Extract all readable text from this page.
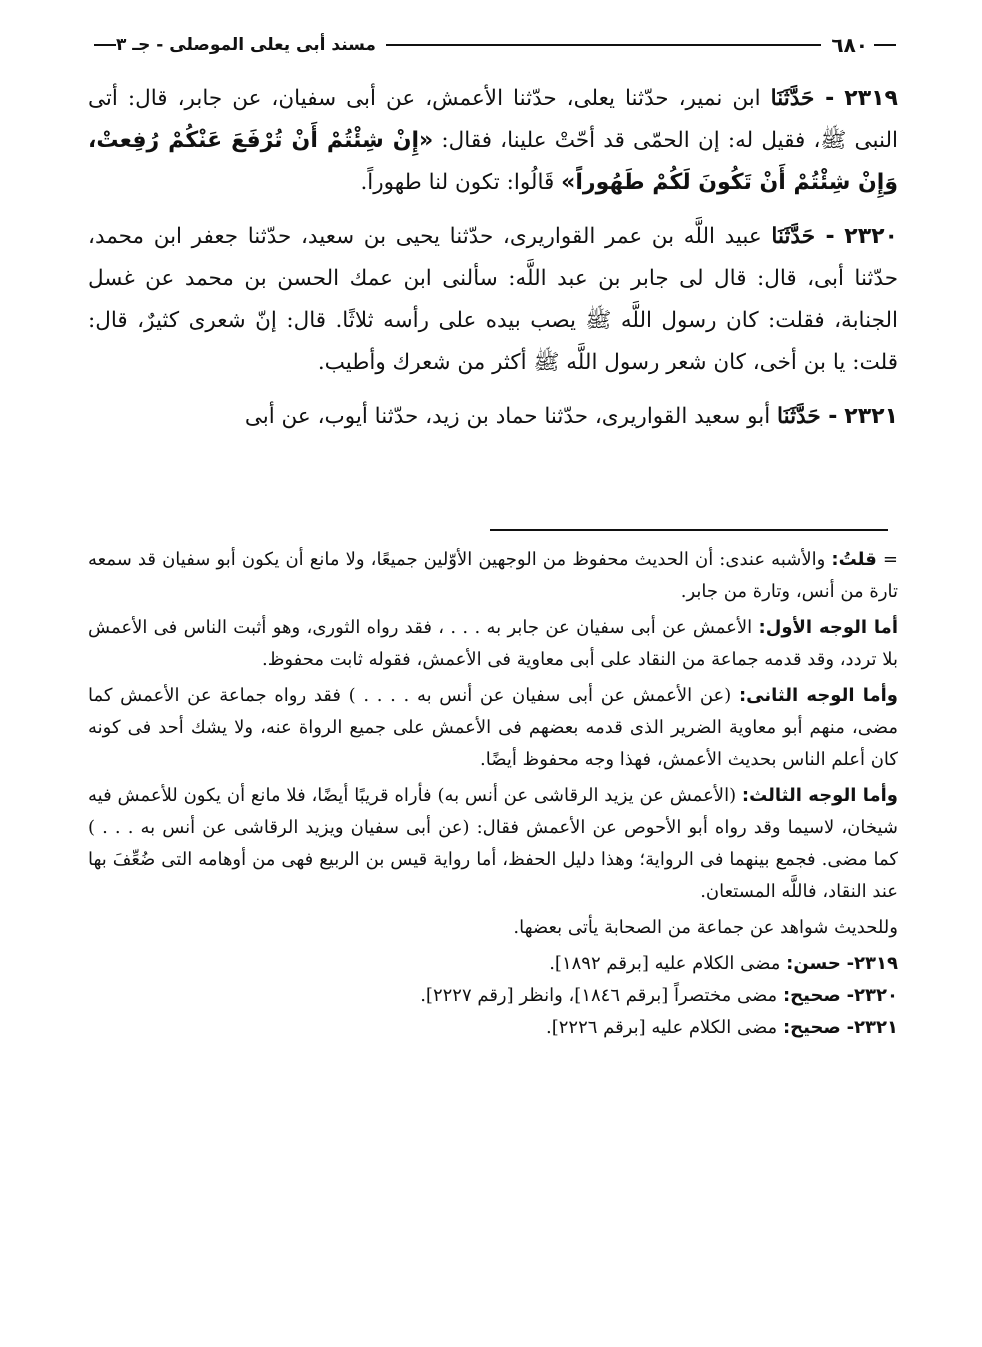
٦٨٠
مسند أبى يعلى الموصلى - جـ ٣

٢٣١٩ - حَدَّثَنَا ابن نمير، حدّثنا يعلى، حدّثنا الأعمش، عن أبى سفيان، عن جابر، قال: أتى النبى ﷺ، فقيل له: إن الحمّى قد أحّتْ علينا، فقال: «إِنْ شِئْتُمْ أَنْ تُرْفَعَ عَنْكُمْ رُفِعتْ، وَإِنْ شِئْتُمْ أَنْ تَكُونَ لَكُمْ طَهُوراً» قَالُوا: تكون لنا طهوراً.

٢٣٢٠ - حَدَّثَنَا عبيد اللَّه بن عمر القواريرى، حدّثنا يحيى بن سعيد، حدّثنا جعفر ابن محمد، حدّثنا أبى، قال: قال لى جابر بن عبد اللَّه: سألنى ابن عمك الحسن بن محمد عن غسل الجنابة، فقلت: كان رسول اللَّه ﷺ يصب بيده على رأسه ثلاثًا. قال: إنّ شعرى كثيرٌ، قال: قلت: يا بن أخى، كان شعر رسول اللَّه ﷺ أكثر من شعرك وأطيب.

٢٣٢١ - حَدَّثَنَا أبو سعيد القواريرى، حدّثنا حماد بن زيد، حدّثنا أيوب، عن أبى

= قلتُ: والأشبه عندى: أن الحديث محفوظ من الوجهين الأوّلين جميعًا، ولا مانع أن يكون أبو سفيان قد سمعه تارة من أنس، وتارة من جابر.

أما الوجه الأول: الأعمش عن أبى سفيان عن جابر به . . . ، فقد رواه الثورى، وهو أثبت الناس فى الأعمش بلا تردد، وقد قدمه جماعة من النقاد على أبى معاوية فى الأعمش، فقوله ثابت محفوظ.

وأما الوجه الثانى: (عن الأعمش عن أبى سفيان عن أنس به . . . . ) فقد رواه جماعة عن الأعمش كما مضى، منهم أبو معاوية الضرير الذى قدمه بعضهم فى الأعمش على جميع الرواة عنه، ولا يشك أحد فى كونه كان أعلم الناس بحديث الأعمش، فهذا وجه محفوظ أيضًا.

وأما الوجه الثالث: (الأعمش عن يزيد الرقاشى عن أنس به) فأراه قريبًا أيضًا، فلا مانع أن يكون للأعمش فيه شيخان، لاسيما وقد رواه أبو الأحوص عن الأعمش فقال: (عن أبى سفيان ويزيد الرقاشى عن أنس به . . . ) كما مضى. فجمع بينهما فى الرواية؛ وهذا دليل الحفظ، أما رواية قيس بن الربيع فهى من أوهامه التى ضُعِّفَ بها عند النقاد، فاللَّه المستعان.

وللحديث شواهد عن جماعة من الصحابة يأتى بعضها.

٢٣١٩- حسن: مضى الكلام عليه [برقم ١٨٩٢].

٢٣٢٠- صحيح: مضى مختصراً [برقم ١٨٤٦]، وانظر [رقم ٢٢٢٧].

٢٣٢١- صحيح: مضى الكلام عليه [برقم ٢٢٢٦].
